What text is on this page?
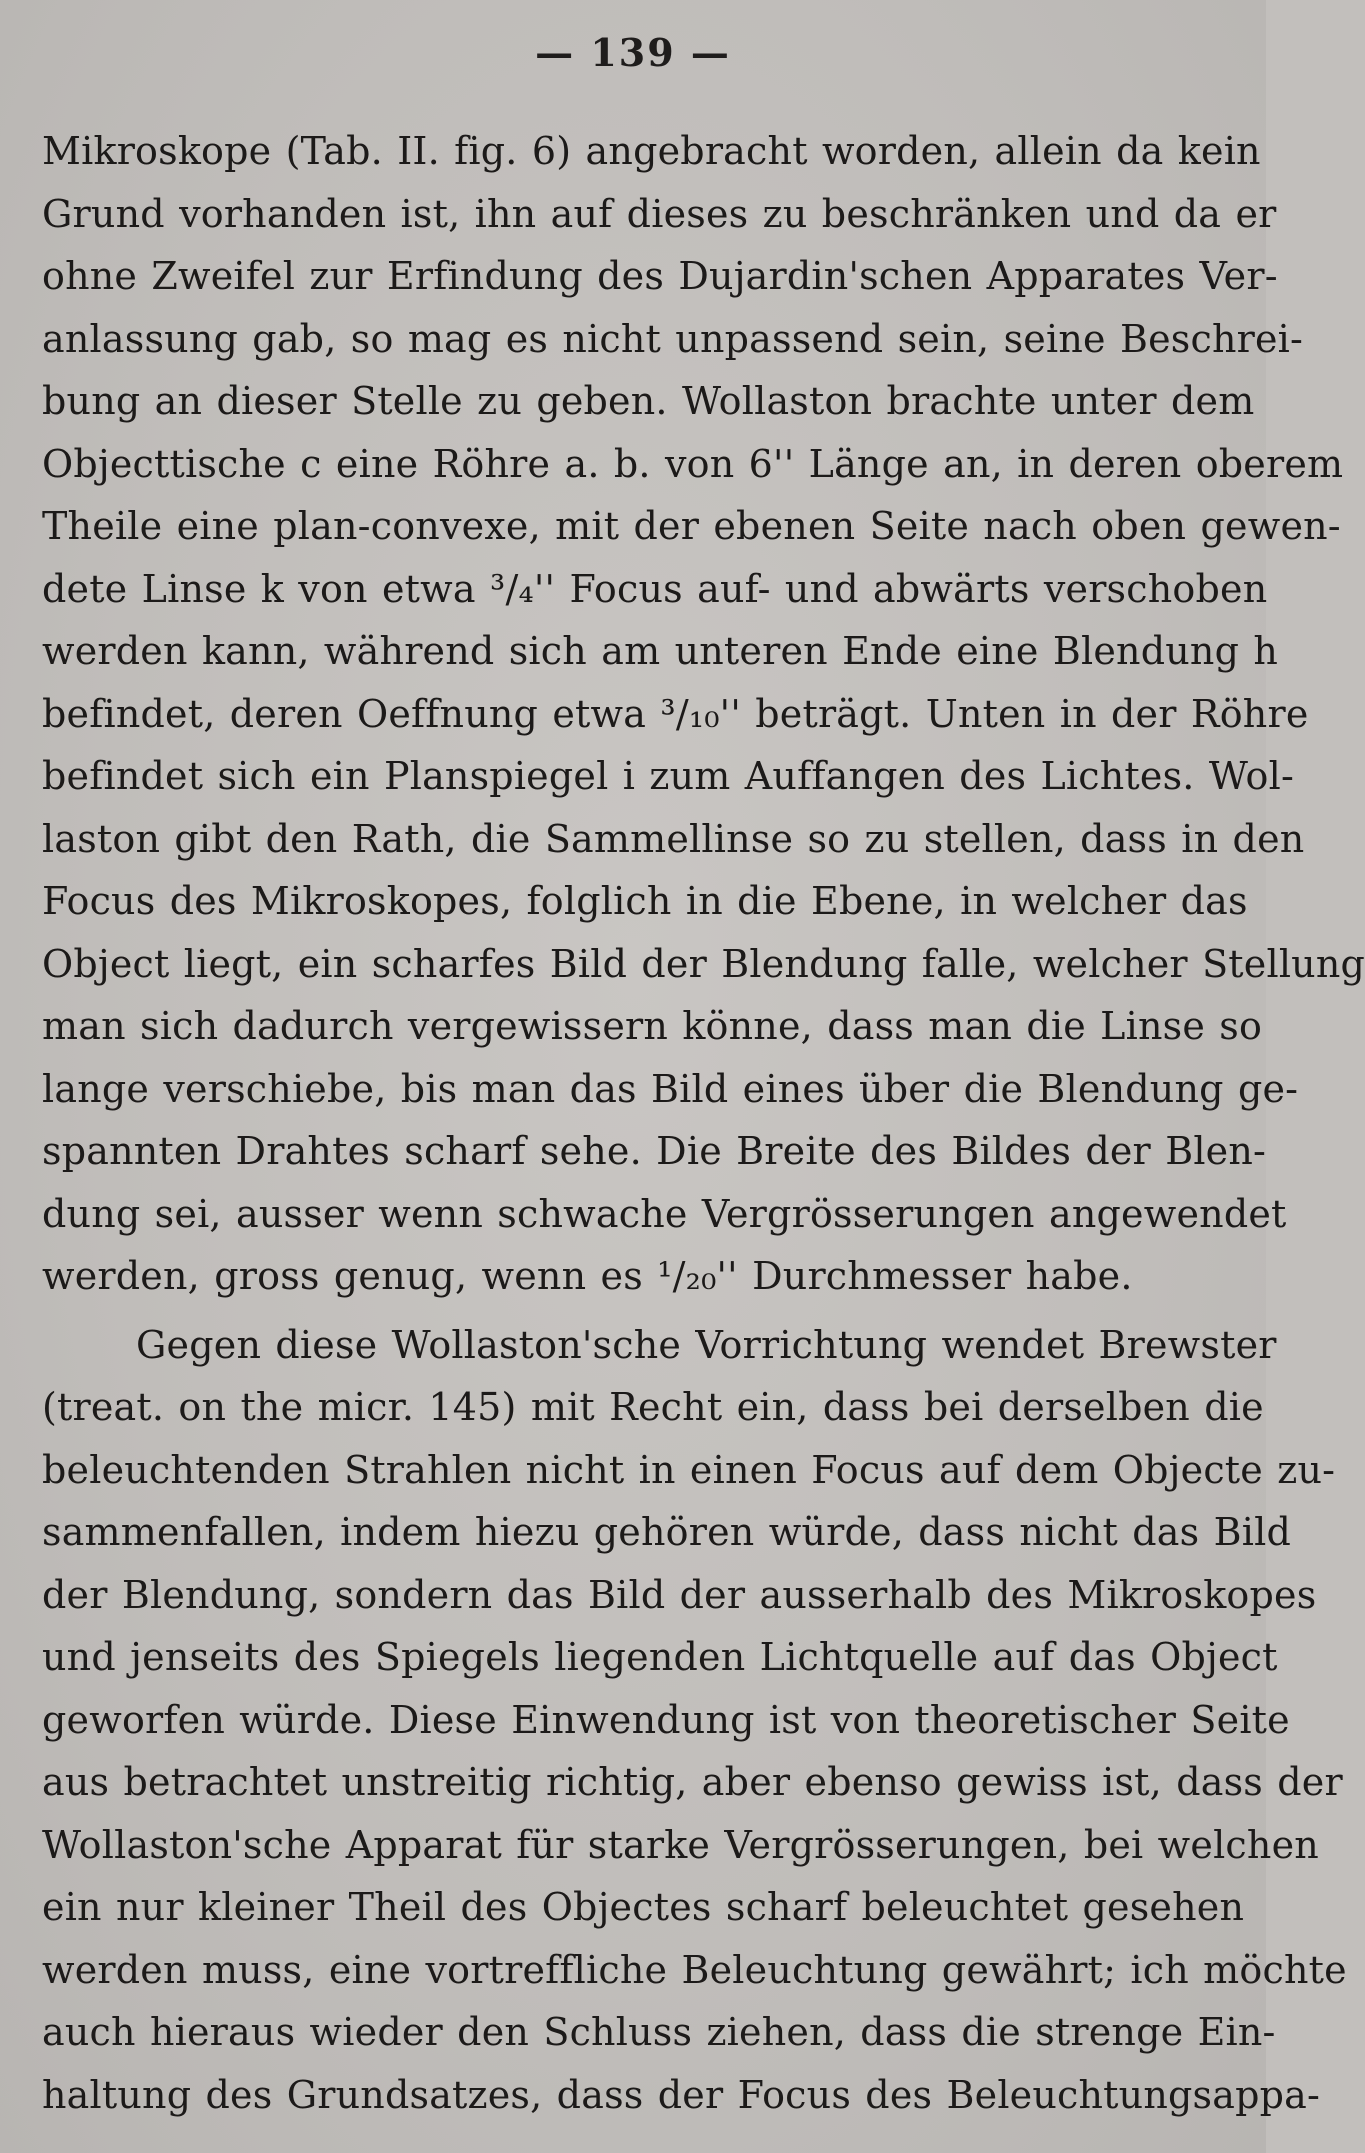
— 139 —
Mikroskope (Tab. II. fig. 6) angebracht worden, allein da kein
Grund vorhanden ist, ihn auf dieses zu beschränken und da er
ohne Zweifel zur Erfindung des Dujardin'schen Apparates Ver-
anlassung gab, so mag es nicht unpassend sein, seine Beschrei-
bung an dieser Stelle zu geben. Wollaston brachte unter dem
Objecttische c eine Röhre a. b. von 6'' Länge an, in deren oberem
Theile eine plan-convexe, mit der ebenen Seite nach oben gewen-
dete Linse k von etwa ³/₄'' Focus auf- und abwärts verschoben
werden kann, während sich am unteren Ende eine Blendung h
befindet, deren Oeffnung etwa ³/₁₀'' beträgt. Unten in der Röhre
befindet sich ein Planspiegel i zum Auffangen des Lichtes. Wol-
laston gibt den Rath, die Sammellinse so zu stellen, dass in den
Focus des Mikroskopes, folglich in die Ebene, in welcher das
Object liegt, ein scharfes Bild der Blendung falle, welcher Stellung
man sich dadurch vergewissern könne, dass man die Linse so
lange verschiebe, bis man das Bild eines über die Blendung ge-
spannten Drahtes scharf sehe. Die Breite des Bildes der Blen-
dung sei, ausser wenn schwache Vergrösserungen angewendet
werden, gross genug, wenn es ¹/₂₀'' Durchmesser habe.
Gegen diese Wollaston'sche Vorrichtung wendet Brewster
(treat. on the micr. 145) mit Recht ein, dass bei derselben die
beleuchtenden Strahlen nicht in einen Focus auf dem Objecte zu-
sammenfallen, indem hiezu gehören würde, dass nicht das Bild
der Blendung, sondern das Bild der ausserhalb des Mikroskopes
und jenseits des Spiegels liegenden Lichtquelle auf das Object
geworfen würde. Diese Einwendung ist von theoretischer Seite
aus betrachtet unstreitig richtig, aber ebenso gewiss ist, dass der
Wollaston'sche Apparat für starke Vergrösserungen, bei welchen
ein nur kleiner Theil des Objectes scharf beleuchtet gesehen
werden muss, eine vortreffliche Beleuchtung gewährt; ich möchte
auch hieraus wieder den Schluss ziehen, dass die strenge Ein-
haltung des Grundsatzes, dass der Focus des Beleuchtungsappa-
